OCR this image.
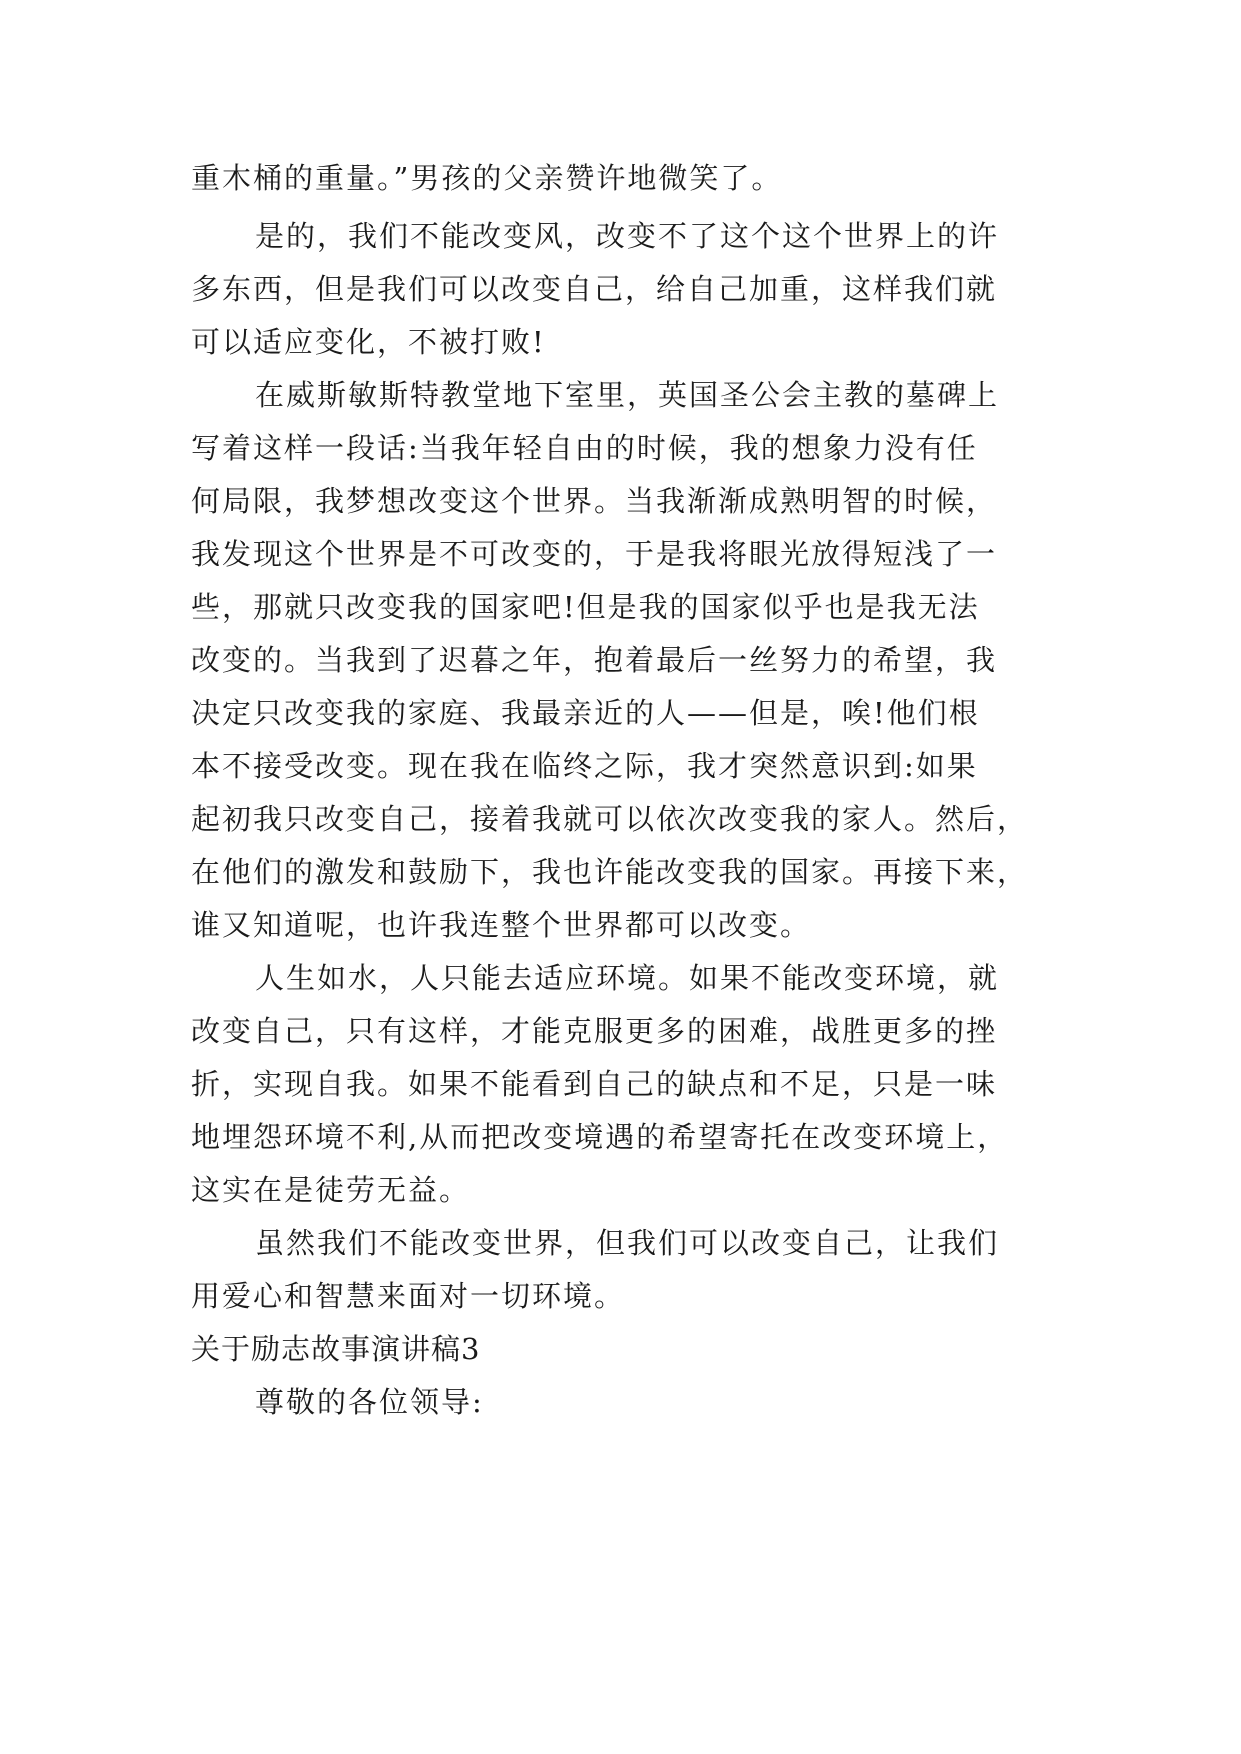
重木桶的重量。”男孩的父亲赞许地微笑了。
是的，我们不能改变风，改变不了这个这个世界上的许
多东西，但是我们可以改变自己，给自己加重，这样我们就
可以适应变化，不被打败!
在威斯敏斯特教堂地下室里，英国圣公会主教的墓碑上
写着这样一段话:当我年轻自由的时候，我的想象力没有任
何局限，我梦想改变这个世界。当我渐渐成熟明智的时候，
我发现这个世界是不可改变的，于是我将眼光放得短浅了一
些，那就只改变我的国家吧!但是我的国家似乎也是我无法
改变的。当我到了迟暮之年，抱着最后一丝努力的希望，我
决定只改变我的家庭、我最亲近的人——但是，唉!他们根
本不接受改变。现在我在临终之际，我才突然意识到:如果
起初我只改变自己，接着我就可以依次改变我的家人。然后，
在他们的激发和鼓励下，我也许能改变我的国家。再接下来，
谁又知道呢，也许我连整个世界都可以改变。
人生如水，人只能去适应环境。如果不能改变环境，就
改变自己，只有这样，才能克服更多的困难，战胜更多的挫
折，实现自我。如果不能看到自己的缺点和不足，只是一味
地埋怨环境不利,从而把改变境遇的希望寄托在改变环境上，
这实在是徒劳无益。
虽然我们不能改变世界，但我们可以改变自己，让我们
用爱心和智慧来面对一切环境。
关于励志故事演讲稿3
尊敬的各位领导:
